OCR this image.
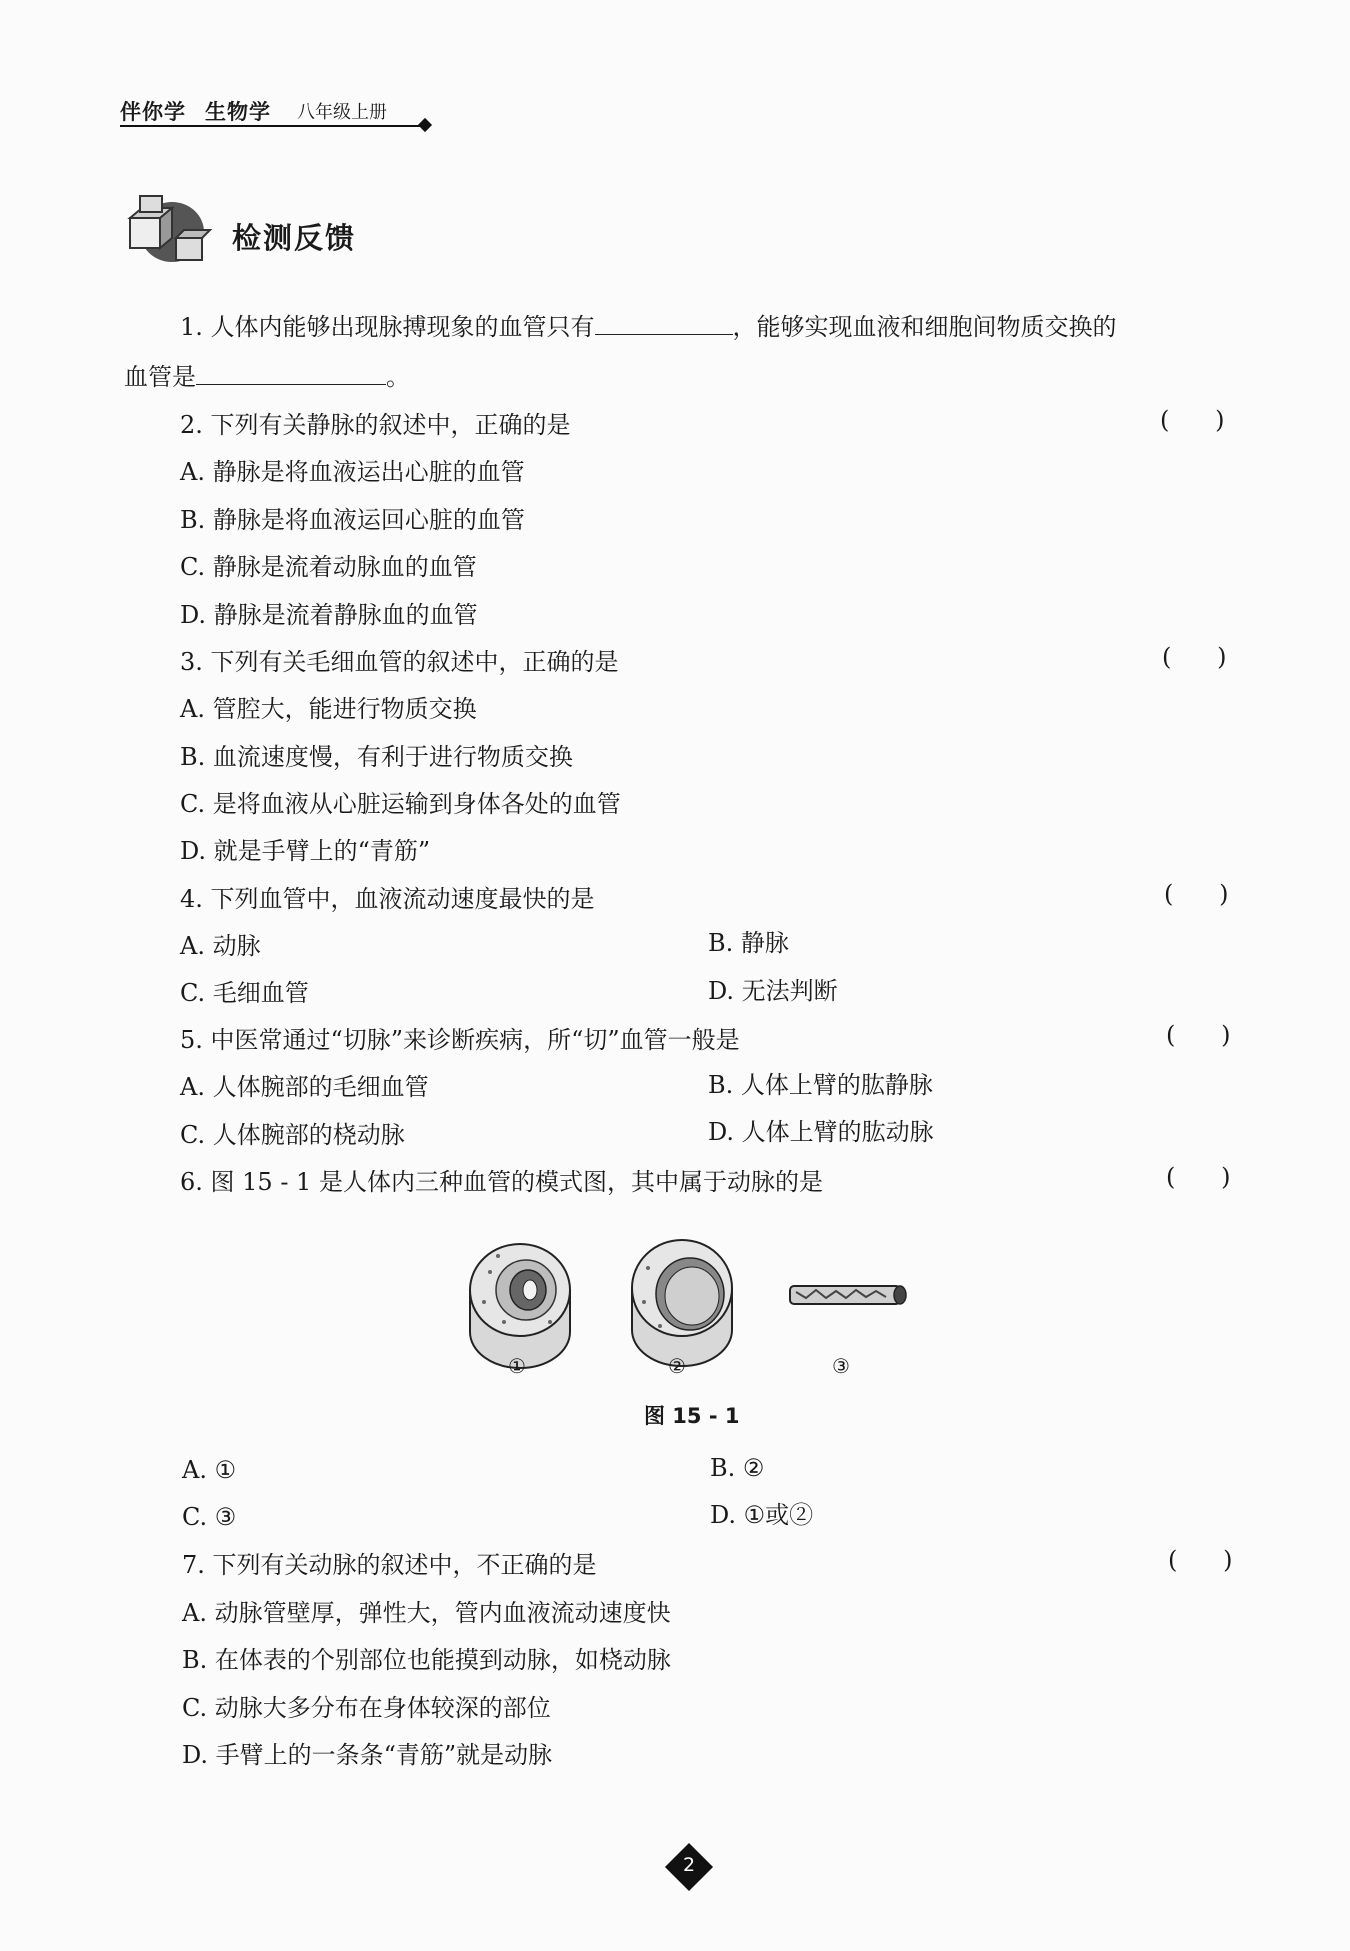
伴你学 生物学 八年级上册
检测反馈
1. 人体内能够出现脉搏现象的血管只有	，能够实现血液和细胞间物质交换的
血管是	。
2. 下列有关静脉的叙述中，正确的是	(      )
A. 静脉是将血液运出心脏的血管
B. 静脉是将血液运回心脏的血管
C. 静脉是流着动脉血的血管
D. 静脉是流着静脉血的血管
3. 下列有关毛细血管的叙述中，正确的是	(      )
A. 管腔大，能进行物质交换
B. 血流速度慢，有利于进行物质交换
C. 是将血液从心脏运输到身体各处的血管
D. 就是手臂上的“青筋”
4. 下列血管中，血液流动速度最快的是	(      )
A. 动脉	B. 静脉
C. 毛细血管	D. 无法判断
5. 中医常通过“切脉”来诊断疾病，所“切”血管一般是	(      )
A. 人体腕部的毛细血管	B. 人体上臂的肱静脉
C. 人体腕部的桡动脉	D. 人体上臂的肱动脉
6. 图 15 - 1 是人体内三种血管的模式图，其中属于动脉的是	(      )
①	②	③
图 15 - 1
A. ①	B. ②
C. ③	D. ①或②
7. 下列有关动脉的叙述中，不正确的是	(      )
A. 动脉管壁厚，弹性大，管内血液流动速度快
B. 在体表的个别部位也能摸到动脉，如桡动脉
C. 动脉大多分布在身体较深的部位
D. 手臂上的一条条“青筋”就是动脉
2
